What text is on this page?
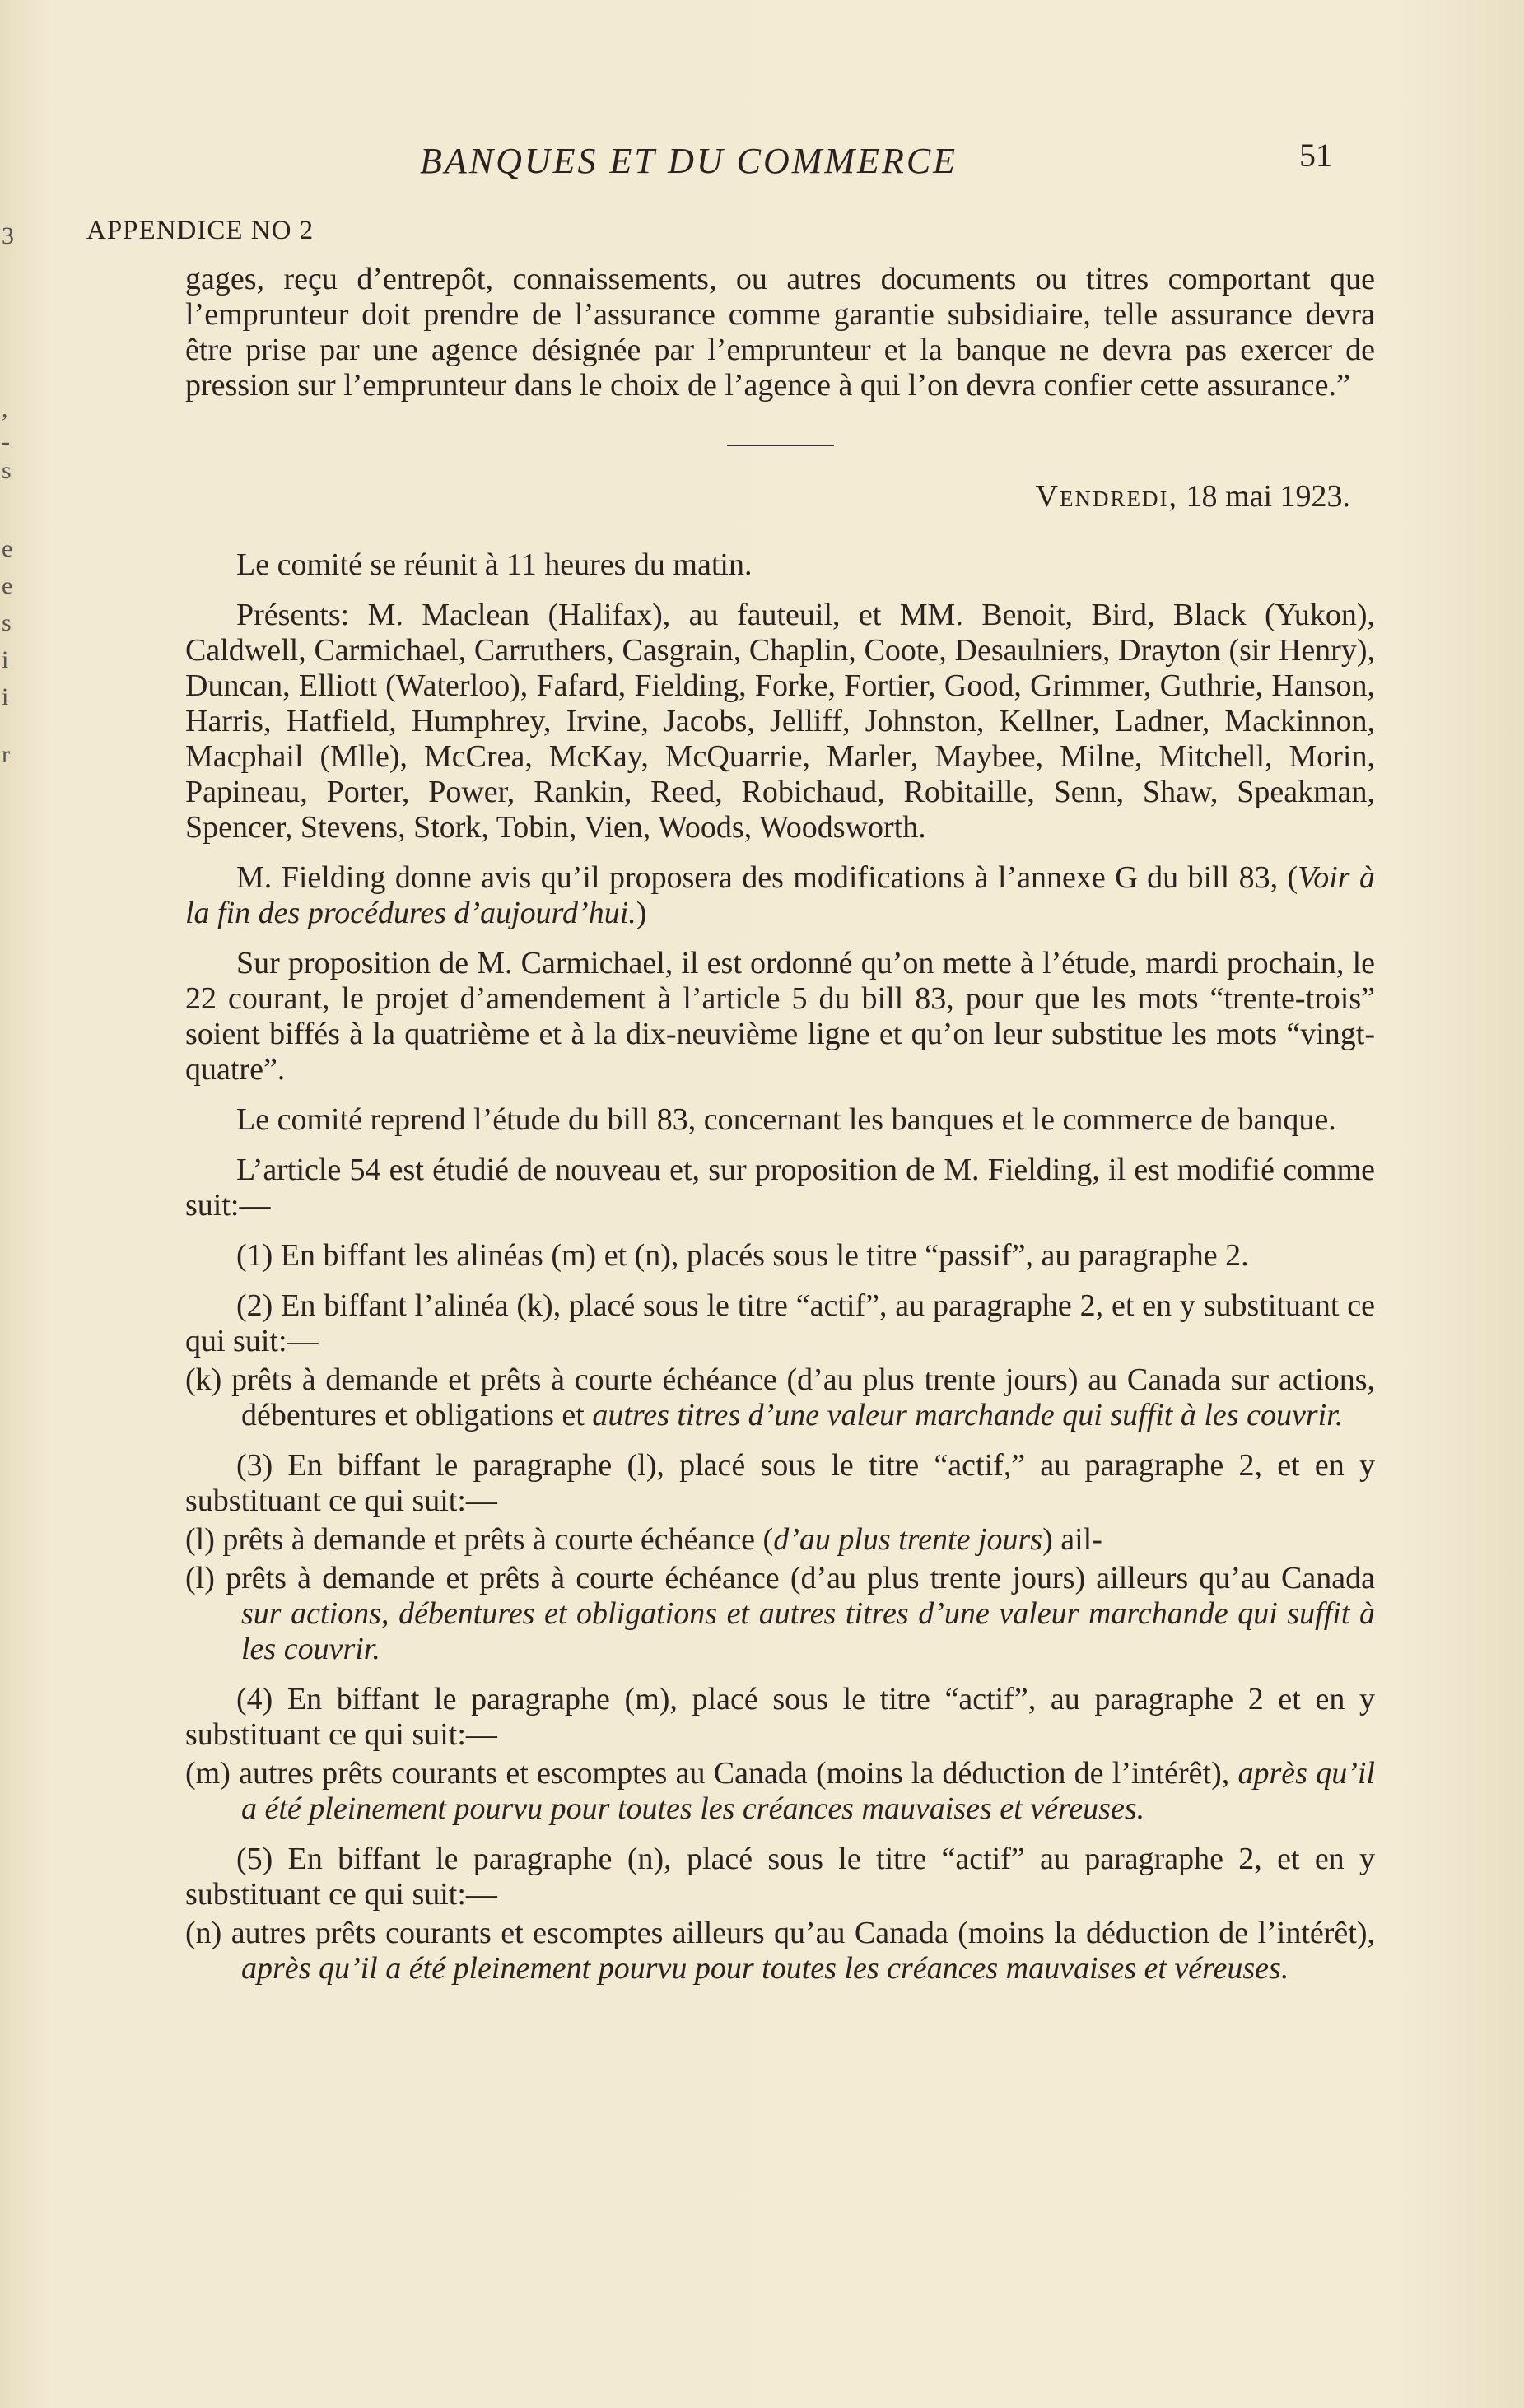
3
,
-
s
e
e
s
i
i
r
BANQUES ET DU COMMERCE	51
APPENDICE NO 2

gages, reçu d’entrepôt, connaissements, ou autres documents ou titres comportant que l’emprunteur doit prendre de l’assurance comme garantie subsidiaire, telle assurance devra être prise par une agence désignée par l’emprunteur et la banque ne devra pas exercer de pression sur l’emprunteur dans le choix de l’agence à qui l’on devra confier cette assurance.”

Vendredi, 18 mai 1923.

Le comité se réunit à 11 heures du matin.

Présents: M. Maclean (Halifax), au fauteuil, et MM. Benoit, Bird, Black (Yukon), Caldwell, Carmichael, Carruthers, Casgrain, Chaplin, Coote, Desaulniers, Drayton (sir Henry), Duncan, Elliott (Waterloo), Fafard, Fielding, Forke, Fortier, Good, Grimmer, Guthrie, Hanson, Harris, Hatfield, Humphrey, Irvine, Jacobs, Jelliff, Johnston, Kellner, Ladner, Mackinnon, Macphail (Mlle), McCrea, McKay, McQuarrie, Marler, Maybee, Milne, Mitchell, Morin, Papineau, Porter, Power, Rankin, Reed, Robichaud, Robitaille, Senn, Shaw, Speakman, Spencer, Stevens, Stork, Tobin, Vien, Woods, Woodsworth.

M. Fielding donne avis qu’il proposera des modifications à l’annexe G du bill 83, (Voir à la fin des procédures d’aujourd’hui.)

Sur proposition de M. Carmichael, il est ordonné qu’on mette à l’étude, mardi prochain, le 22 courant, le projet d’amendement à l’article 5 du bill 83, pour que les mots “trente-trois” soient biffés à la quatrième et à la dix-neuvième ligne et qu’on leur substitue les mots “vingt-quatre”.

Le comité reprend l’étude du bill 83, concernant les banques et le commerce de banque.

L’article 54 est étudié de nouveau et, sur proposition de M. Fielding, il est modifié comme suit:—

(1) En biffant les alinéas (m) et (n), placés sous le titre “passif”, au paragraphe 2.

(2) En biffant l’alinéa (k), placé sous le titre “actif”, au paragraphe 2, et en y substituant ce qui suit:—

(k) prêts à demande et prêts à courte échéance (d’au plus trente jours) au Canada sur actions, débentures et obligations et autres titres d’une valeur marchande qui suffit à les couvrir.

(3) En biffant le paragraphe (l), placé sous le titre “actif,” au paragraphe 2, et en y substituant ce qui suit:—

(l) prêts à demande et prêts à courte échéance (d’au plus trente jours) ail-

(l) prêts à demande et prêts à courte échéance (d’au plus trente jours) ailleurs qu’au Canada sur actions, débentures et obligations et autres titres d’une valeur marchande qui suffit à les couvrir.

(4) En biffant le paragraphe (m), placé sous le titre “actif”, au paragraphe 2 et en y substituant ce qui suit:—

(m) autres prêts courants et escomptes au Canada (moins la déduction de l’intérêt), après qu’il a été pleinement pourvu pour toutes les créances mauvaises et véreuses.

(5) En biffant le paragraphe (n), placé sous le titre “actif” au paragraphe 2, et en y substituant ce qui suit:—

(n) autres prêts courants et escomptes ailleurs qu’au Canada (moins la déduction de l’intérêt), après qu’il a été pleinement pourvu pour toutes les créances mauvaises et véreuses.
